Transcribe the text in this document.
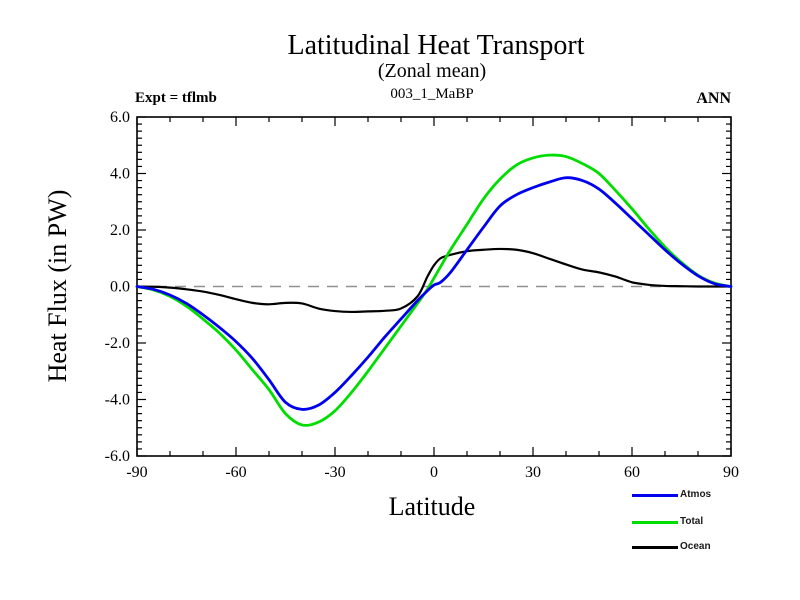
Latitudinal Heat Transport
(Zonal mean)
003_1_MaBP
Expt = tflmb	ANN
Heat Flux (in PW)
Latitude
-90	-60	-30	0	30	60	90
-6.0
-4.0
-2.0
0.0
2.0
4.0
6.0
Atmos
Total
Ocean
